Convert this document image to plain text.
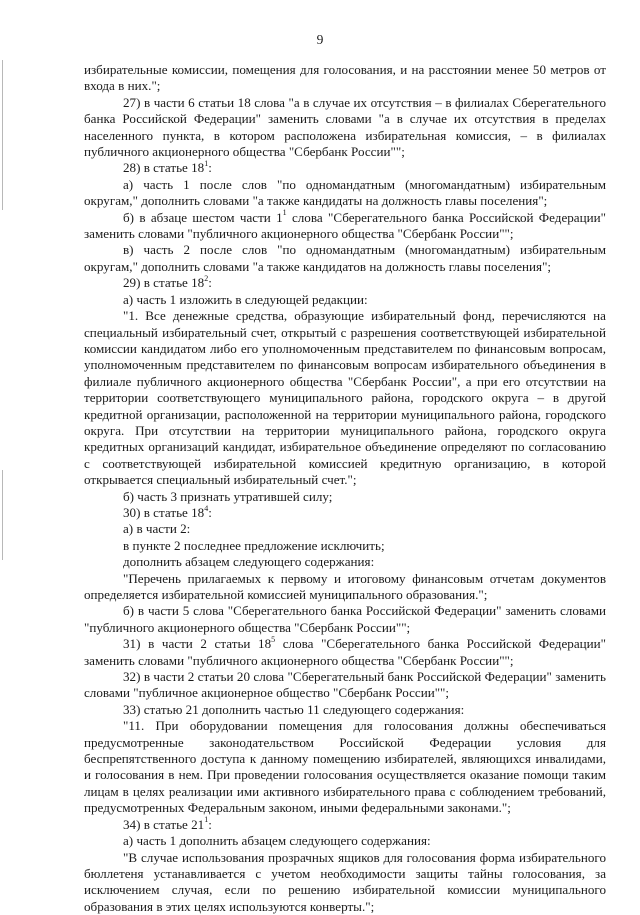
9

избирательные комиссии, помещения для голосования, и на расстоянии менее 50 метров от входа в них.";

27) в части 6 статьи 18 слова "а в случае их отсутствия – в филиалах Сберегательного банка Российской Федерации" заменить словами "а в случае их отсутствия в пределах населенного пункта, в котором расположена избирательная комиссия, – в филиалах публичного акционерного общества "Сбербанк России"";

28) в статье $18^1$:

а) часть 1 после слов "по одномандатным (многомандатным) избирательным округам," дополнить словами "а также кандидаты на должность главы поселения";

б) в абзаце шестом части $1^1$ слова "Сберегательного банка Российской Федерации" заменить словами "публичного акционерного общества "Сбербанк России"";

в) часть 2 после слов "по одномандатным (многомандатным) избирательным округам," дополнить словами "а также кандидатов на должность главы поселения";

29) в статье $18^2$:

а) часть 1 изложить в следующей редакции:

"1. Все денежные средства, образующие избирательный фонд, перечисляются на специальный избирательный счет, открытый с разрешения соответствующей избирательной комиссии кандидатом либо его уполномоченным представителем по финансовым вопросам, уполномоченным представителем по финансовым вопросам избирательного объединения в филиале публичного акционерного общества "Сбербанк России", а при его отсутствии на территории соответствующего муниципального района, городского округа – в другой кредитной организации, расположенной на территории муниципального района, городского округа. При отсутствии на территории муниципального района, городского округа кредитных организаций кандидат, избирательное объединение определяют по согласованию с соответствующей избирательной комиссией кредитную организацию, в которой открывается специальный избирательный счет.";

б) часть 3 признать утратившей силу;

30) в статье $18^4$:

а) в части 2:

в пункте 2 последнее предложение исключить;

дополнить абзацем следующего содержания:

"Перечень прилагаемых к первому и итоговому финансовым отчетам документов определяется избирательной комиссией муниципального образования.";

б) в части 5 слова "Сберегательного банка Российской Федерации" заменить словами "публичного акционерного общества "Сбербанк России"";

31) в части 2 статьи $18^5$ слова "Сберегательного банка Российской Федерации" заменить словами "публичного акционерного общества "Сбербанк России"";

32) в части 2 статьи 20 слова "Сберегательный банк Российской Федерации" заменить словами "публичное акционерное общество "Сбербанк России"";

33) статью 21 дополнить частью 11 следующего содержания:

"11. При оборудовании помещения для голосования должны обеспечиваться предусмотренные законодательством Российской Федерации условия для беспрепятственного доступа к данному помещению избирателей, являющихся инвалидами, и голосования в нем. При проведении голосования осуществляется оказание помощи таким лицам в целях реализации ими активного избирательного права с соблюдением требований, предусмотренных Федеральным законом, иными федеральными законами.";

34) в статье $21^1$:

а) часть 1 дополнить абзацем следующего содержания:

"В случае использования прозрачных ящиков для голосования форма избирательного бюллетеня устанавливается с учетом необходимости защиты тайны голосования, за исключением случая, если по решению избирательной комиссии муниципального образования в этих целях используются конверты.";
